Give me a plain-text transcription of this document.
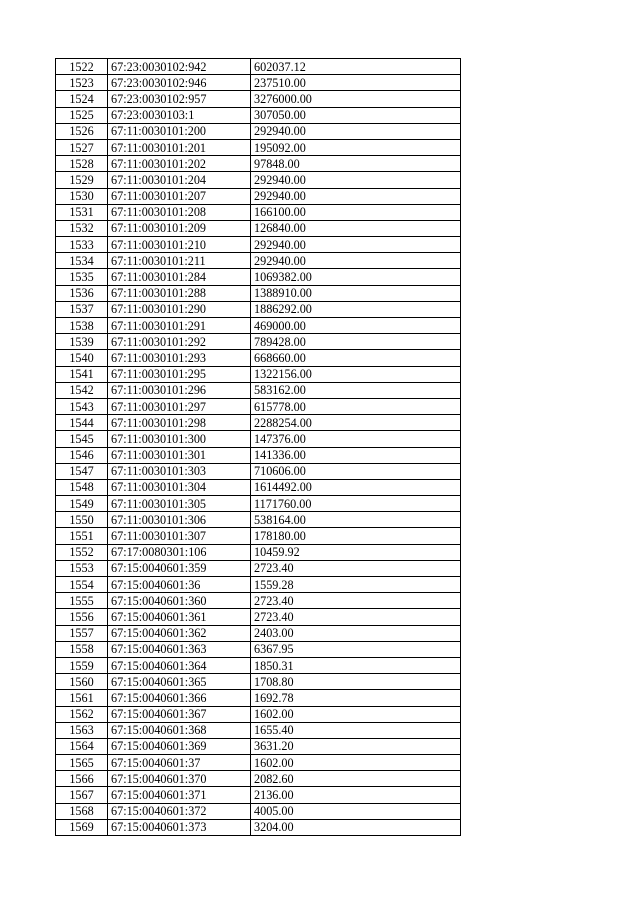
1522	67:23:0030102:942	602037.12
1523	67:23:0030102:946	237510.00
1524	67:23:0030102:957	3276000.00
1525	67:23:0030103:1	307050.00
1526	67:11:0030101:200	292940.00
1527	67:11:0030101:201	195092.00
1528	67:11:0030101:202	97848.00
1529	67:11:0030101:204	292940.00
1530	67:11:0030101:207	292940.00
1531	67:11:0030101:208	166100.00
1532	67:11:0030101:209	126840.00
1533	67:11:0030101:210	292940.00
1534	67:11:0030101:211	292940.00
1535	67:11:0030101:284	1069382.00
1536	67:11:0030101:288	1388910.00
1537	67:11:0030101:290	1886292.00
1538	67:11:0030101:291	469000.00
1539	67:11:0030101:292	789428.00
1540	67:11:0030101:293	668660.00
1541	67:11:0030101:295	1322156.00
1542	67:11:0030101:296	583162.00
1543	67:11:0030101:297	615778.00
1544	67:11:0030101:298	2288254.00
1545	67:11:0030101:300	147376.00
1546	67:11:0030101:301	141336.00
1547	67:11:0030101:303	710606.00
1548	67:11:0030101:304	1614492.00
1549	67:11:0030101:305	1171760.00
1550	67:11:0030101:306	538164.00
1551	67:11:0030101:307	178180.00
1552	67:17:0080301:106	10459.92
1553	67:15:0040601:359	2723.40
1554	67:15:0040601:36	1559.28
1555	67:15:0040601:360	2723.40
1556	67:15:0040601:361	2723.40
1557	67:15:0040601:362	2403.00
1558	67:15:0040601:363	6367.95
1559	67:15:0040601:364	1850.31
1560	67:15:0040601:365	1708.80
1561	67:15:0040601:366	1692.78
1562	67:15:0040601:367	1602.00
1563	67:15:0040601:368	1655.40
1564	67:15:0040601:369	3631.20
1565	67:15:0040601:37	1602.00
1566	67:15:0040601:370	2082.60
1567	67:15:0040601:371	2136.00
1568	67:15:0040601:372	4005.00
1569	67:15:0040601:373	3204.00
